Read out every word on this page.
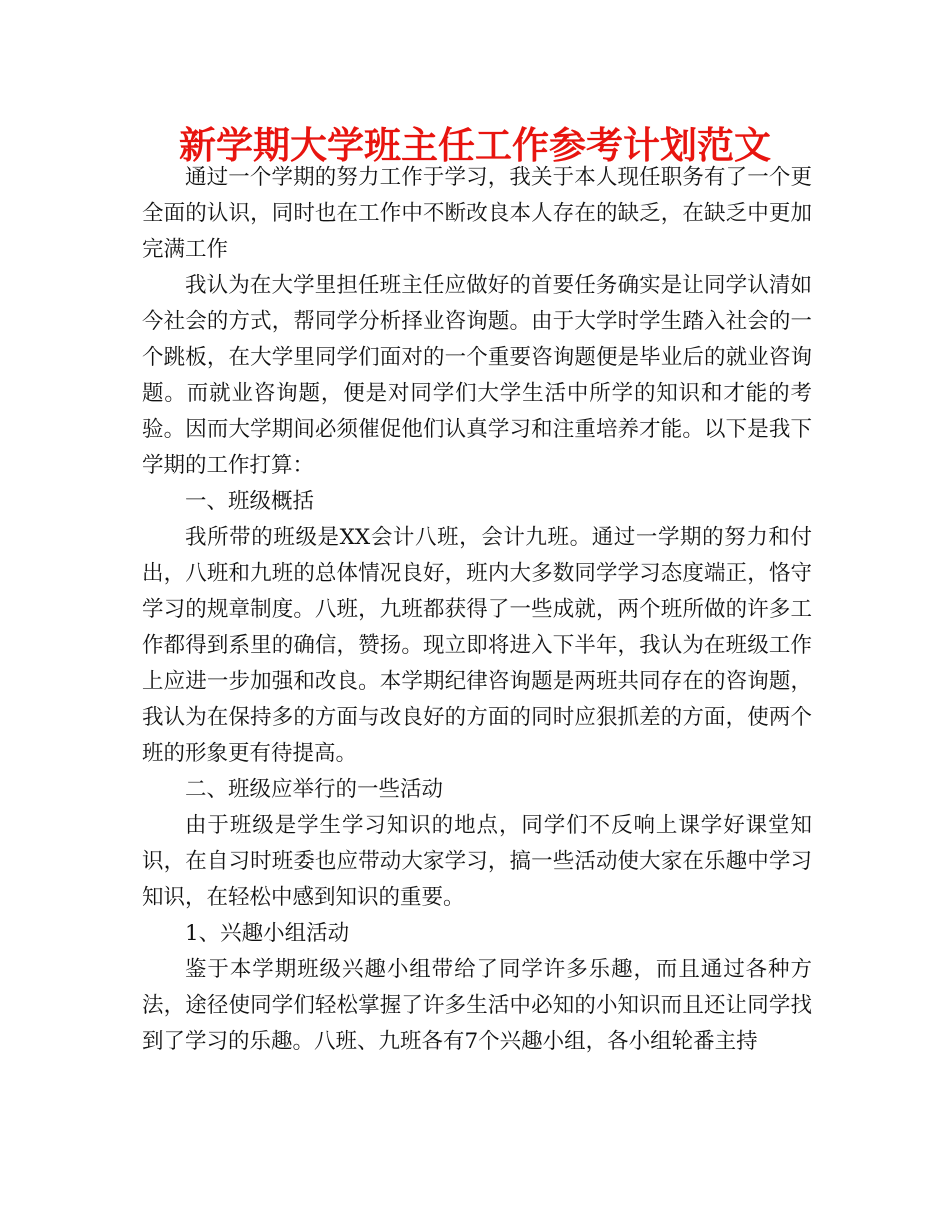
新学期大学班主任工作参考计划范文

通过一个学期的努力工作于学习，我关于本人现任职务有了一个更全面的认识，同时也在工作中不断改良本人存在的缺乏，在缺乏中更加完满工作

我认为在大学里担任班主任应做好的首要任务确实是让同学认清如今社会的方式，帮同学分析择业咨询题。由于大学时学生踏入社会的一个跳板，在大学里同学们面对的一个重要咨询题便是毕业后的就业咨询题。而就业咨询题，便是对同学们大学生活中所学的知识和才能的考验。因而大学期间必须催促他们认真学习和注重培养才能。以下是我下学期的工作打算：

一、班级概括

我所带的班级是XX会计八班，会计九班。通过一学期的努力和付出，八班和九班的总体情况良好，班内大多数同学学习态度端正，恪守学习的规章制度。八班，九班都获得了一些成就，两个班所做的许多工作都得到系里的确信，赞扬。现立即将进入下半年，我认为在班级工作上应进一步加强和改良。本学期纪律咨询题是两班共同存在的咨询题，我认为在保持多的方面与改良好的方面的同时应狠抓差的方面，使两个班的形象更有待提高。

二、班级应举行的一些活动

由于班级是学生学习知识的地点，同学们不反响上课学好课堂知识，在自习时班委也应带动大家学习，搞一些活动使大家在乐趣中学习知识，在轻松中感到知识的重要。

1、兴趣小组活动

鉴于本学期班级兴趣小组带给了同学许多乐趣，而且通过各种方法，途径使同学们轻松掌握了许多生活中必知的小知识而且还让同学找到了学习的乐趣。八班、九班各有7个兴趣小组，各小组轮番主持
